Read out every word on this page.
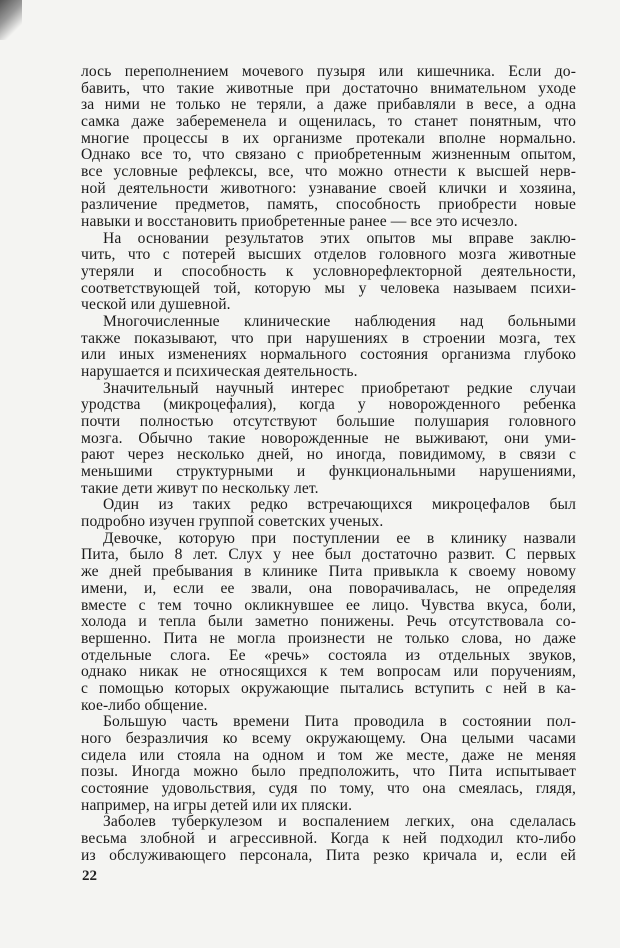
лось переполнением мочевого пузыря или кишечника. Если до-
бавить, что такие животные при достаточно внимательном уходе
за ними не только не теряли, а даже прибавляли в весе, а одна
самка даже забеременела и ощенилась, то станет понятным, что
многие процессы в их организме протекали вполне нормально.
Однако все то, что связано с приобретенным жизненным опытом,
все условные рефлексы, все, что можно отнести к высшей нерв-
ной деятельности животного: узнавание своей клички и хозяина,
различение предметов, память, способность приобрести новые
навыки и восстановить приобретенные ранее — все это исчезло.
На основании результатов этих опытов мы вправе заклю-
чить, что с потерей высших отделов головного мозга животные
утеряли и способность к условнорефлекторной деятельности,
соответствующей той, которую мы у человека называем психи-
ческой или душевной.
Многочисленные клинические наблюдения над больными
также показывают, что при нарушениях в строении мозга, тех
или иных изменениях нормального состояния организма глубоко
нарушается и психическая деятельность.
Значительный научный интерес приобретают редкие случаи
уродства (микроцефалия), когда у новорожденного ребенка
почти полностью отсутствуют большие полушария головного
мозга. Обычно такие новорожденные не выживают, они уми-
рают через несколько дней, но иногда, повидимому, в связи с
меньшими структурными и функциональными нарушениями,
такие дети живут по нескольку лет.
Один из таких редко встречающихся микроцефалов был
подробно изучен группой советских ученых.
Девочке, которую при поступлении ее в клинику назвали
Пита, было 8 лет. Слух у нее был достаточно развит. С первых
же дней пребывания в клинике Пита привыкла к своему новому
имени, и, если ее звали, она поворачивалась, не определяя
вместе с тем точно окликнувшее ее лицо. Чувства вкуса, боли,
холода и тепла были заметно понижены. Речь отсутствовала со-
вершенно. Пита не могла произнести не только слова, но даже
отдельные слога. Ее «речь» состояла из отдельных звуков,
однако никак не относящихся к тем вопросам или поручениям,
с помощью которых окружающие пытались вступить с ней в ка-
кое-либо общение.
Большую часть времени Пита проводила в состоянии пол-
ного безразличия ко всему окружающему. Она целыми часами
сидела или стояла на одном и том же месте, даже не меняя
позы. Иногда можно было предположить, что Пита испытывает
состояние удовольствия, судя по тому, что она смеялась, глядя,
например, на игры детей или их пляски.
Заболев туберкулезом и воспалением легких, она сделалась
весьма злобной и агрессивной. Когда к ней подходил кто-либо
из обслуживающего персонала, Пита резко кричала и, если ей
22
